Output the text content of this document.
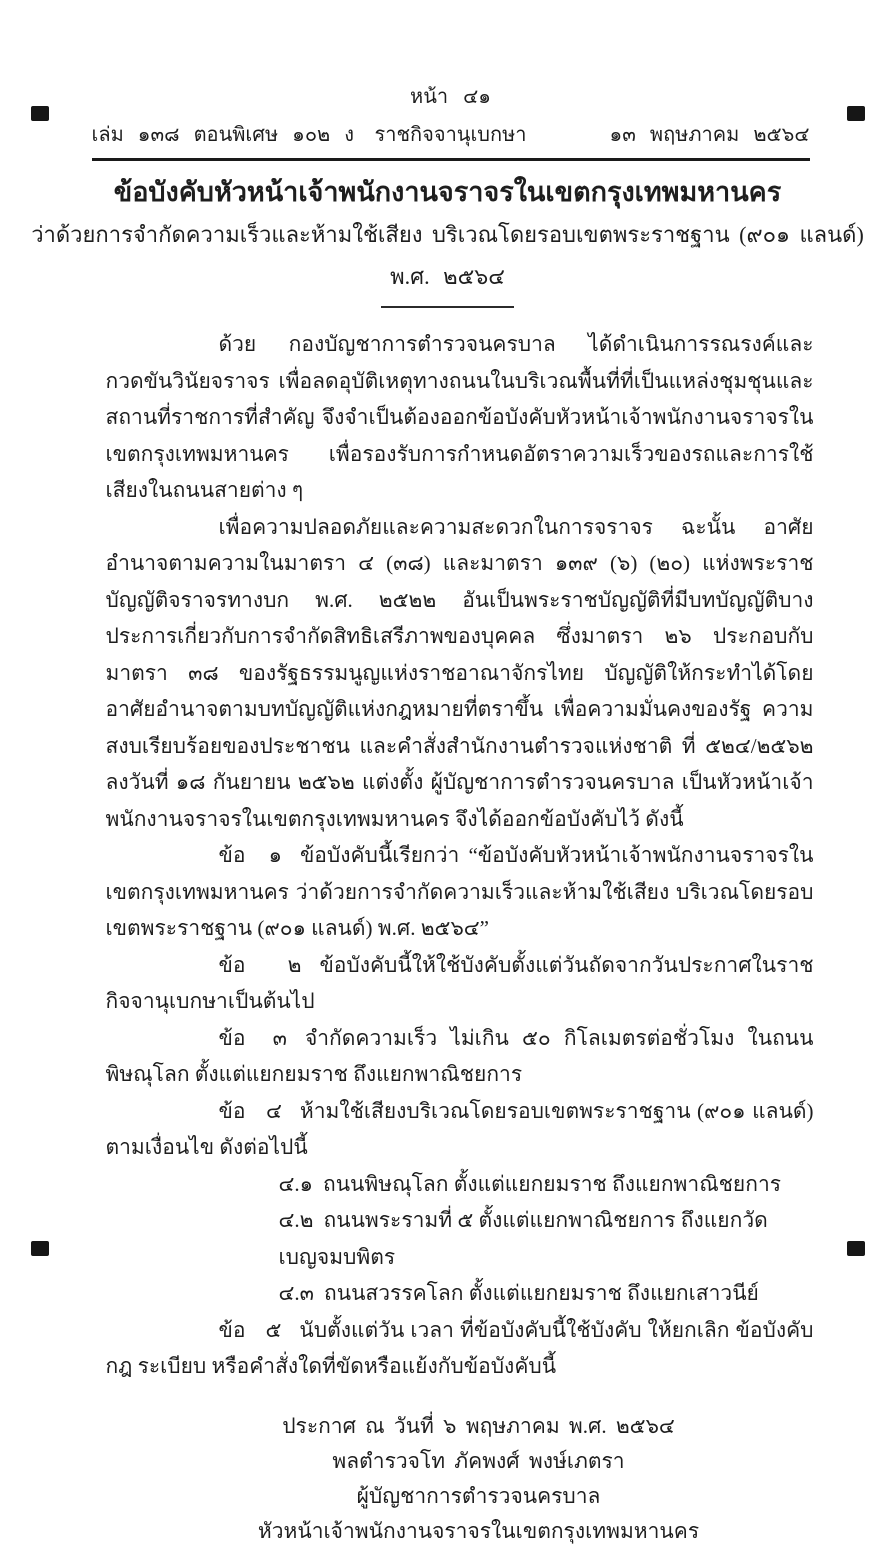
หน้า ๔๑
เล่ม ๑๓๘ ตอนพิเศษ ๑๐๒ ง	ราชกิจจานุเบกษา	๑๓ พฤษภาคม ๒๕๖๔
ข้อบังคับหัวหน้าเจ้าพนักงานจราจรในเขตกรุงเทพมหานคร
ว่าด้วยการจำกัดความเร็วและห้ามใช้เสียง บริเวณโดยรอบเขตพระราชฐาน (๙๐๑ แลนด์)
พ.ศ. ๒๕๖๔

ด้วย กองบัญชาการตำรวจนครบาล ได้ดำเนินการรณรงค์และกวดขันวินัยจราจร เพื่อลดอุบัติเหตุทางถนนในบริเวณพื้นที่ที่เป็นแหล่งชุมชุนและสถานที่ราชการที่สำคัญ จึงจำเป็นต้องออกข้อบังคับหัวหน้าเจ้าพนักงานจราจรในเขตกรุงเทพมหานคร เพื่อรองรับการกำหนดอัตราความเร็วของรถและการใช้เสียงในถนนสายต่าง ๆ

เพื่อความปลอดภัยและความสะดวกในการจราจร ฉะนั้น อาศัยอำนาจตามความในมาตรา ๔ (๓๘) และมาตรา ๑๓๙ (๖) (๒๐) แห่งพระราชบัญญัติจราจรทางบก พ.ศ. ๒๕๒๒ อันเป็นพระราชบัญญัติที่มีบทบัญญัติบางประการเกี่ยวกับการจำกัดสิทธิเสรีภาพของบุคคล ซึ่งมาตรา ๒๖ ประกอบกับมาตรา ๓๘ ของรัฐธรรมนูญแห่งราชอาณาจักรไทย บัญญัติให้กระทำได้โดยอาศัยอำนาจตามบทบัญญัติแห่งกฎหมายที่ตราขึ้น เพื่อความมั่นคงของรัฐ ความสงบเรียบร้อยของประชาชน และคำสั่งสำนักงานตำรวจแห่งชาติ ที่ ๕๒๔/๒๕๖๒ ลงวันที่ ๑๘ กันยายน ๒๕๖๒ แต่งตั้ง ผู้บัญชาการตำรวจนครบาล เป็นหัวหน้าเจ้าพนักงานจราจรในเขตกรุงเทพมหานคร จึงได้ออกข้อบังคับไว้ ดังนี้

ข้อ ๑ ข้อบังคับนี้เรียกว่า “ข้อบังคับหัวหน้าเจ้าพนักงานจราจรในเขตกรุงเทพมหานคร ว่าด้วยการจำกัดความเร็วและห้ามใช้เสียง บริเวณโดยรอบเขตพระราชฐาน (๙๐๑ แลนด์) พ.ศ. ๒๕๖๔”

ข้อ ๒ ข้อบังคับนี้ให้ใช้บังคับตั้งแต่วันถัดจากวันประกาศในราชกิจจานุเบกษาเป็นต้นไป

ข้อ ๓ จำกัดความเร็ว ไม่เกิน ๕๐ กิโลเมตรต่อชั่วโมง ในถนนพิษณุโลก ตั้งแต่แยกยมราช ถึงแยกพาณิชยการ

ข้อ ๔ ห้ามใช้เสียงบริเวณโดยรอบเขตพระราชฐาน (๙๐๑ แลนด์) ตามเงื่อนไข ดังต่อไปนี้

๔.๑ ถนนพิษณุโลก ตั้งแต่แยกยมราช ถึงแยกพาณิชยการ

๔.๒ ถนนพระรามที่ ๕ ตั้งแต่แยกพาณิชยการ ถึงแยกวัดเบญจมบพิตร

๔.๓ ถนนสวรรคโลก ตั้งแต่แยกยมราช ถึงแยกเสาวนีย์

ข้อ ๕ นับตั้งแต่วัน เวลา ที่ข้อบังคับนี้ใช้บังคับ ให้ยกเลิก ข้อบังคับ กฎ ระเบียบ หรือคำสั่งใดที่ขัดหรือแย้งกับข้อบังคับนี้

ประกาศ ณ วันที่ ๖ พฤษภาคม พ.ศ. ๒๕๖๔
พลตำรวจโท ภัคพงศ์ พงษ์เภตรา
ผู้บัญชาการตำรวจนครบาล
หัวหน้าเจ้าพนักงานจราจรในเขตกรุงเทพมหานคร
